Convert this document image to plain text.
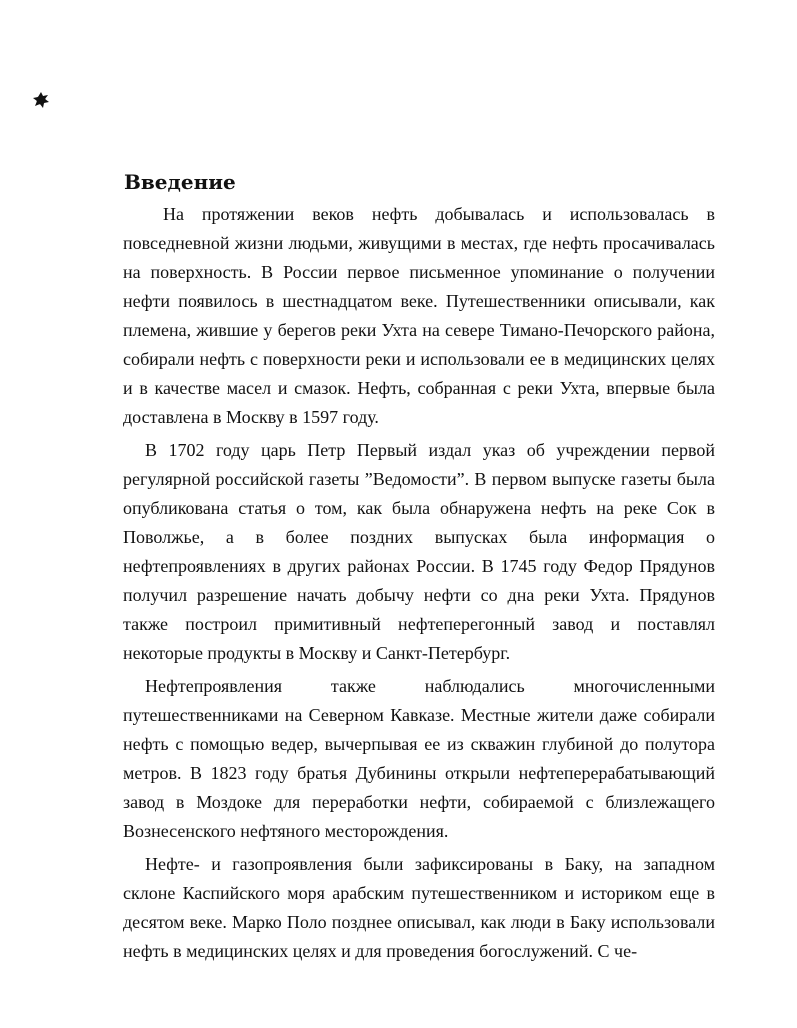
Введение

На протяжении веков нефть добывалась и использовалась в повседневной жизни людьми, живущими в местах, где нефть просачивалась на поверхность. В России первое письменное упоминание о получении нефти появилось в шестнадцатом веке. Путешественники описывали, как племена, жившие у берегов реки Ухта на севере Тимано-Печорского района, собирали нефть с поверхности реки и использовали ее в медицинских целях и в качестве масел и смазок. Нефть, собранная с реки Ухта, впервые была доставлена в Москву в 1597 году.

В 1702 году царь Петр Первый издал указ об учреждении первой регулярной российской газеты ”Ведомости”. В первом выпуске газеты была опубликована статья о том, как была обнаружена нефть на реке Сок в Поволжье, а в более поздних выпусках была информация о нефтепроявлениях в других районах России. В 1745 году Федор Прядунов получил разрешение начать добычу нефти со дна реки Ухта. Прядунов также построил примитивный нефтеперегонный завод и поставлял некоторые продукты в Москву и Санкт-Петербург.

Нефтепроявления также наблюдались многочисленными путешественниками на Северном Кавказе. Местные жители даже собирали нефть с помощью ведер, вычерпывая ее из скважин глубиной до полутора метров. В 1823 году братья Дубинины открыли нефтеперерабатывающий завод в Моздоке для переработки нефти, собираемой с близлежащего Вознесенского нефтяного месторождения.

Нефте- и газопроявления были зафиксированы в Баку, на западном склоне Каспийского моря арабским путешественником и историком еще в десятом веке. Марко Поло позднее описывал, как люди в Баку использовали нефть в медицинских целях и для проведения богослужений. С че-
